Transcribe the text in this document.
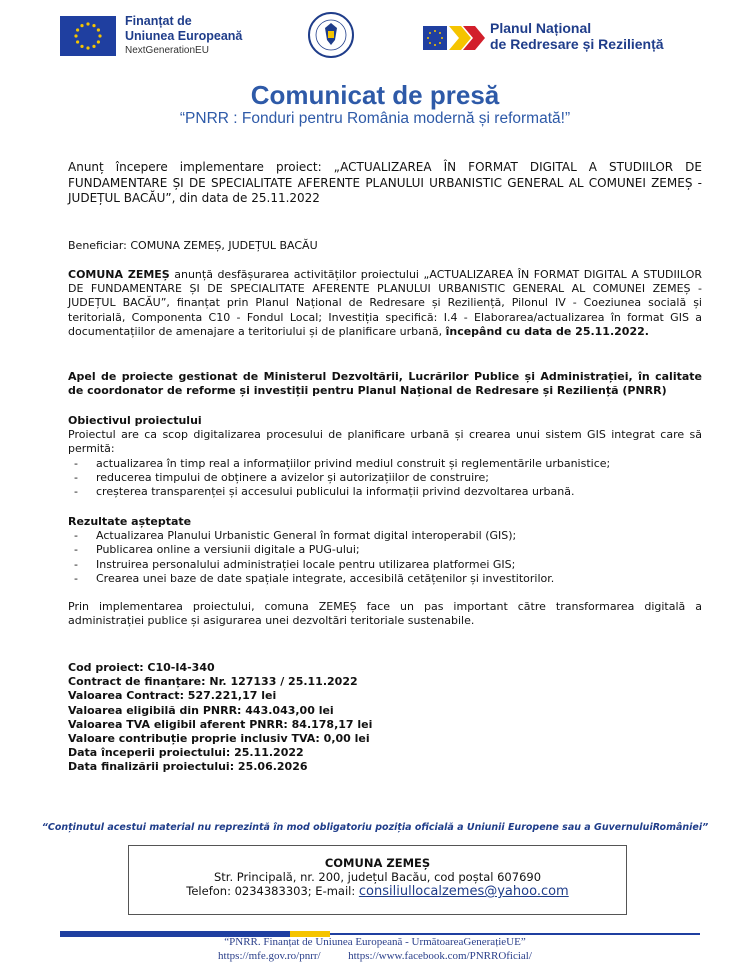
Finanțat de
Uniunea Europeană
NextGenerationEU
Planul Național
de Redresare și Reziliență
Comunicat de presă
“PNRR : Fonduri pentru România modernă și reformată!”
Anunț începere implementare proiect: „ACTUALIZAREA ÎN FORMAT DIGITAL A STUDIILOR DE FUNDAMENTARE ȘI DE SPECIALITATE AFERENTE PLANULUI URBANISTIC GENERAL AL COMUNEI ZEMEȘ - JUDEȚUL BACĂU”, din data de 25.11.2022
Beneficiar: COMUNA ZEMEȘ, JUDEȚUL BACĂU
COMUNA ZEMEȘ anunță desfășurarea activităților proiectului „ACTUALIZAREA ÎN FORMAT DIGITAL A STUDIILOR DE FUNDAMENTARE ȘI DE SPECIALITATE AFERENTE PLANULUI URBANISTIC GENERAL AL COMUNEI ZEMEȘ - JUDEȚUL BACĂU”, finanțat prin Planul Național de Redresare și Reziliență, Pilonul IV - Coeziunea socială și teritorială, Componenta C10 - Fondul Local; Investiția specifică: I.4 - Elaborarea/actualizarea în format GIS a documentațiilor de amenajare a teritoriului și de planificare urbană, începând cu data de 25.11.2022.
Apel de proiecte gestionat de Ministerul Dezvoltării, Lucrărilor Publice și Administrației, în calitate de coordonator de reforme și investiții pentru Planul Național de Redresare și Reziliență (PNRR)
Obiectivul proiectului
Proiectul are ca scop digitalizarea procesului de planificare urbană și crearea unui sistem GIS integrat care să permită:
- actualizarea în timp real a informațiilor privind mediul construit și reglementările urbanistice;
- reducerea timpului de obținere a avizelor și autorizațiilor de construire;
- creșterea transparenței și accesului publicului la informații privind dezvoltarea urbană.
Rezultate așteptate
- Actualizarea Planului Urbanistic General în format digital interoperabil (GIS);
- Publicarea online a versiunii digitale a PUG-ului;
- Instruirea personalului administrației locale pentru utilizarea platformei GIS;
- Crearea unei baze de date spațiale integrate, accesibilă cetățenilor și investitorilor.
Prin implementarea proiectului, comuna ZEMEȘ face un pas important către transformarea digitală a administrației publice și asigurarea unei dezvoltări teritoriale sustenabile.
Cod proiect: C10-I4-340
Contract de finanțare: Nr. 127133 / 25.11.2022
Valoarea Contract: 527.221,17 lei
Valoarea eligibilă din PNRR: 443.043,00 lei
Valoarea TVA eligibil aferent PNRR: 84.178,17 lei
Valoare contribuție proprie inclusiv TVA: 0,00 lei
Data începerii proiectului: 25.11.2022
Data finalizării proiectului: 25.06.2026
“Conținutul acestui material nu reprezintă în mod obligatoriu poziția oficială a Uniunii Europene sau a GuvernuluiRomâniei”
COMUNA ZEMEȘ
Str. Principală, nr. 200, județul Bacău, cod poștal 607690
Telefon: 0234383303; E-mail: consiliullocalzemes@yahoo.com
“PNRR. Finanțat de Uniunea Europeană - UrmătoareaGenerațieUE”
https://mfe.gov.ro/pnrr/	https://www.facebook.com/PNRROficial/
